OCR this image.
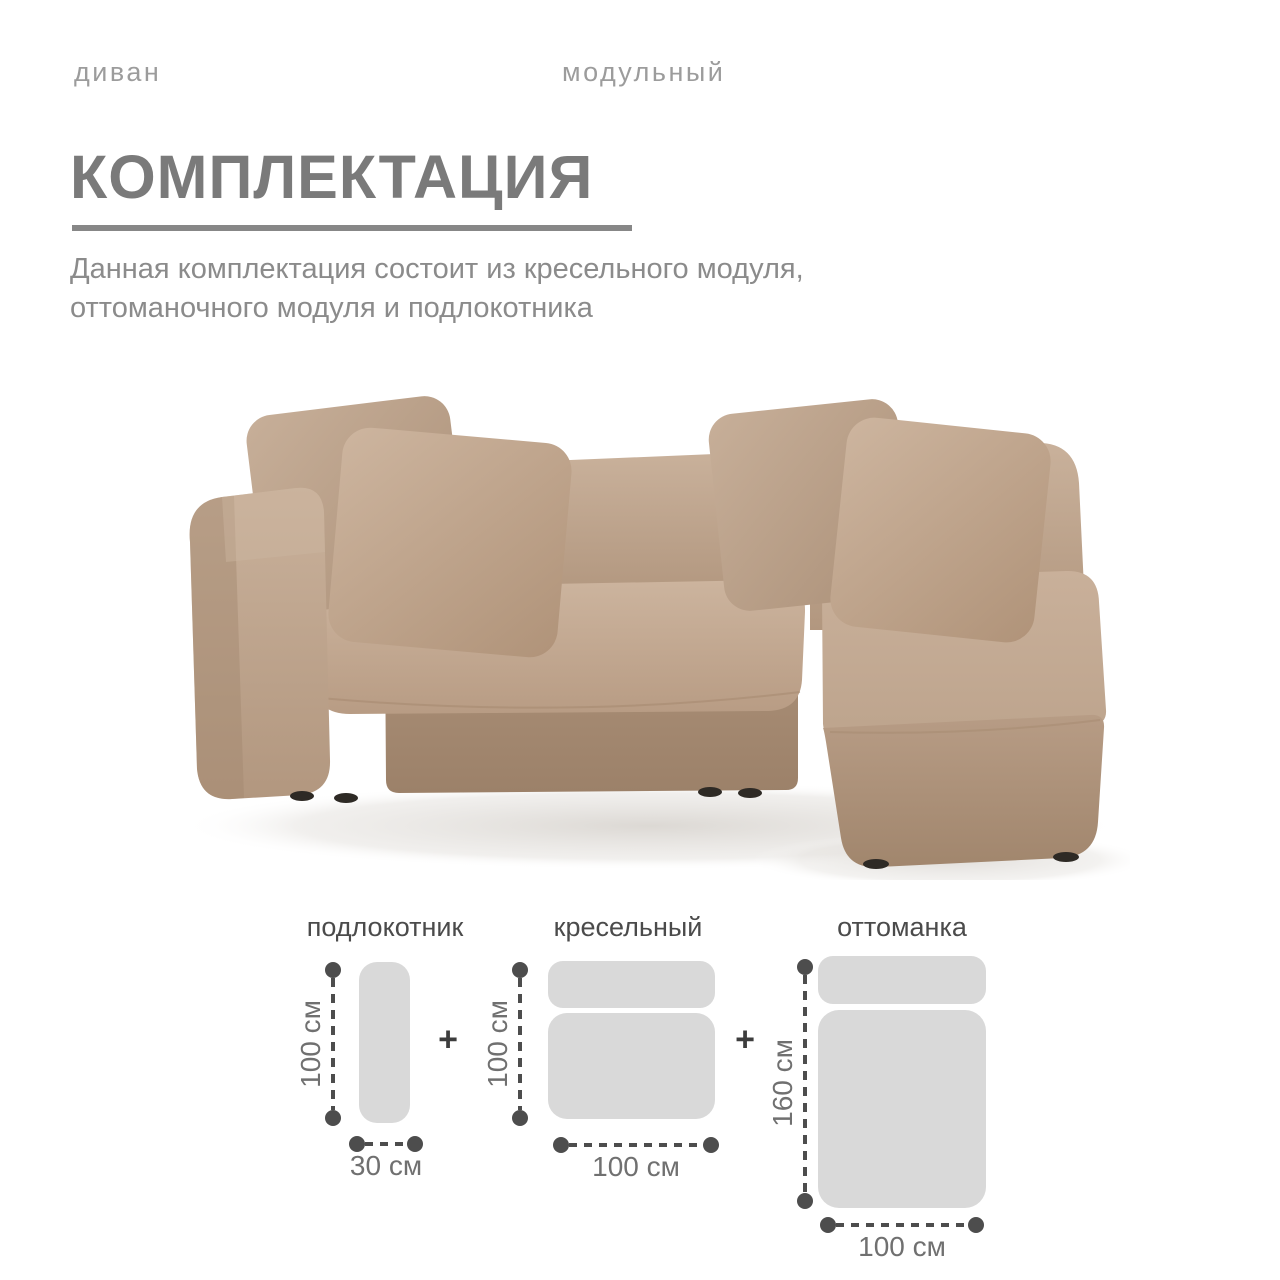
диван	модульный
КОМПЛЕКТАЦИЯ
Данная комплектация состоит из кресельного модуля,
оттоманочного модуля и подлокотника
подлокотник	кресельный	оттоманка
100 см
30 см
+ 100 см
100 см
+ 160 см
100 см
